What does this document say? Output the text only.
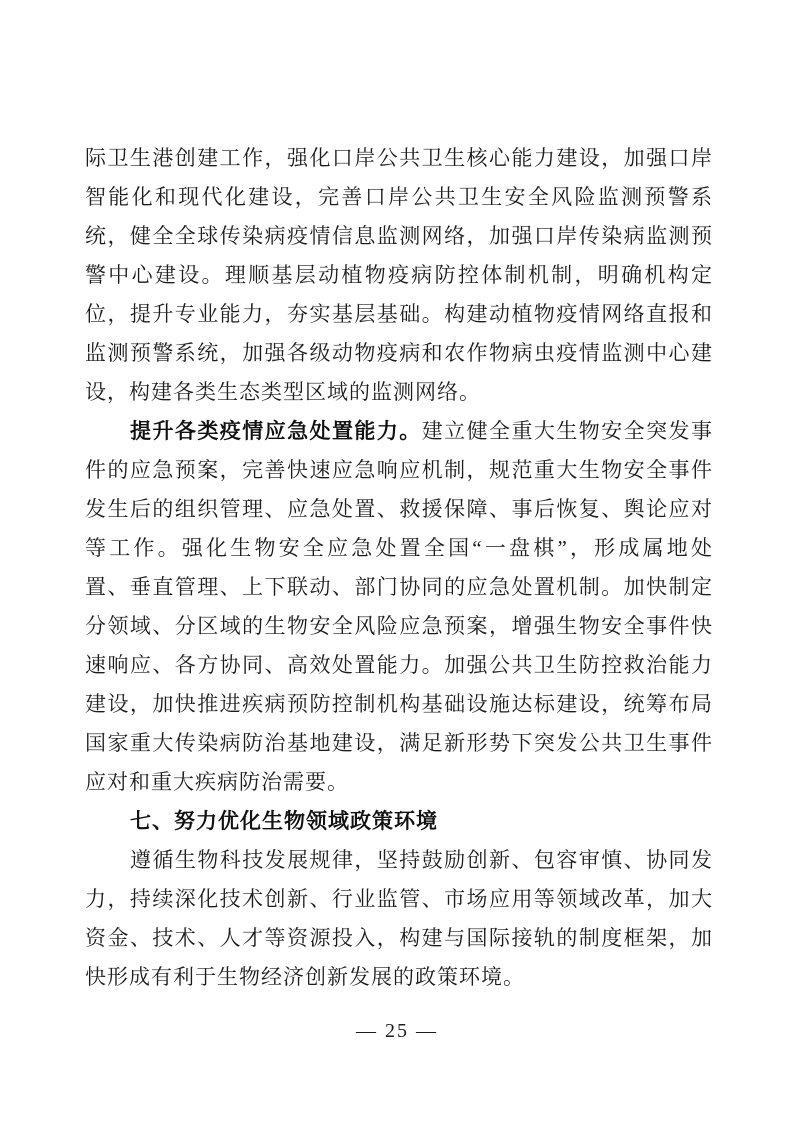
际卫生港创建工作，强化口岸公共卫生核心能力建设，加强口岸
智能化和现代化建设，完善口岸公共卫生安全风险监测预警系
统，健全全球传染病疫情信息监测网络，加强口岸传染病监测预
警中心建设。理顺基层动植物疫病防控体制机制，明确机构定
位，提升专业能力，夯实基层基础。构建动植物疫情网络直报和
监测预警系统，加强各级动物疫病和农作物病虫疫情监测中心建
设，构建各类生态类型区域的监测网络。
提升各类疫情应急处置能力。建立健全重大生物安全突发事
件的应急预案，完善快速应急响应机制，规范重大生物安全事件
发生后的组织管理、应急处置、救援保障、事后恢复、舆论应对
等工作。强化生物安全应急处置全国“一盘棋”，形成属地处
置、垂直管理、上下联动、部门协同的应急处置机制。加快制定
分领域、分区域的生物安全风险应急预案，增强生物安全事件快
速响应、各方协同、高效处置能力。加强公共卫生防控救治能力
建设，加快推进疾病预防控制机构基础设施达标建设，统筹布局
国家重大传染病防治基地建设，满足新形势下突发公共卫生事件
应对和重大疾病防治需要。
七、努力优化生物领域政策环境
遵循生物科技发展规律，坚持鼓励创新、包容审慎、协同发
力，持续深化技术创新、行业监管、市场应用等领域改革，加大
资金、技术、人才等资源投入，构建与国际接轨的制度框架，加
快形成有利于生物经济创新发展的政策环境。
— 25 —
